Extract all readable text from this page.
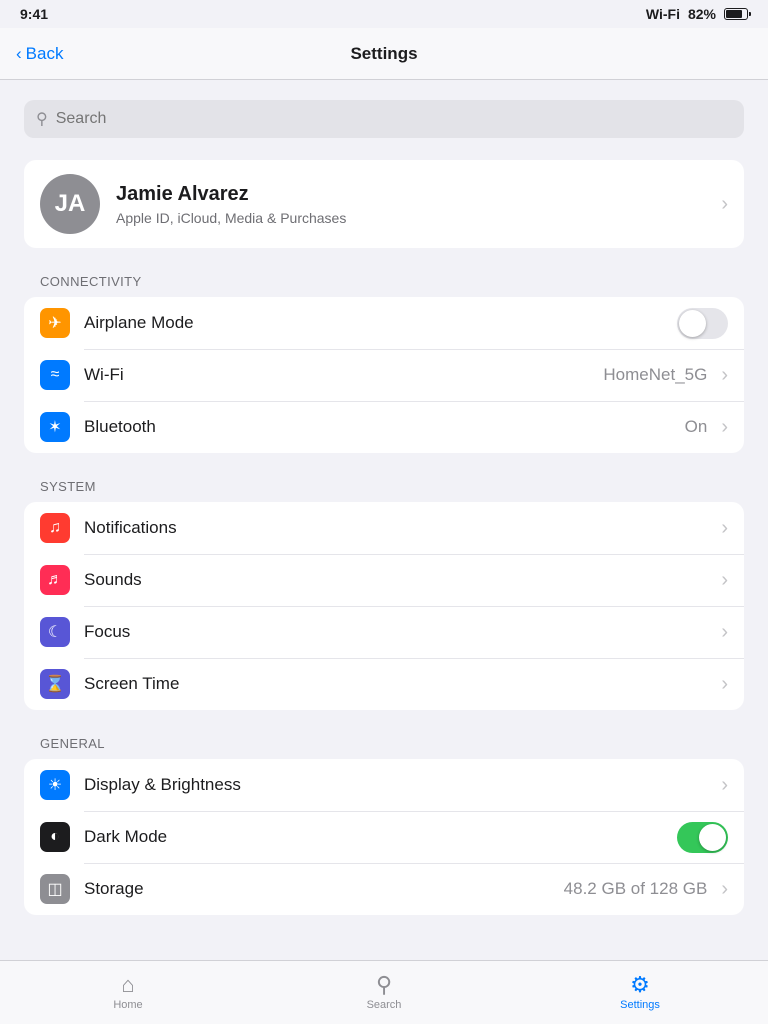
9:41	Wi-Fi 82%
‹ Back	Settings
⚲
Search
JA	Jamie Alvarez
Apple ID, iCloud, Media & Purchases
›
CONNECTIVITY
✈	Airplane Mode
≈	Wi-Fi	HomeNet_5G ›
✶	Bluetooth	On ›
SYSTEM
♫	Notifications	›
♬	Sounds	›
☾	Focus	›
⌛ Screen Time	›
GENERAL
☀	Display & Brightness	›
◐	Dark Mode
◫	Storage	48.2 GB of 128 GB ›
⌂
Home
⚲
Search
⚙
Settings
